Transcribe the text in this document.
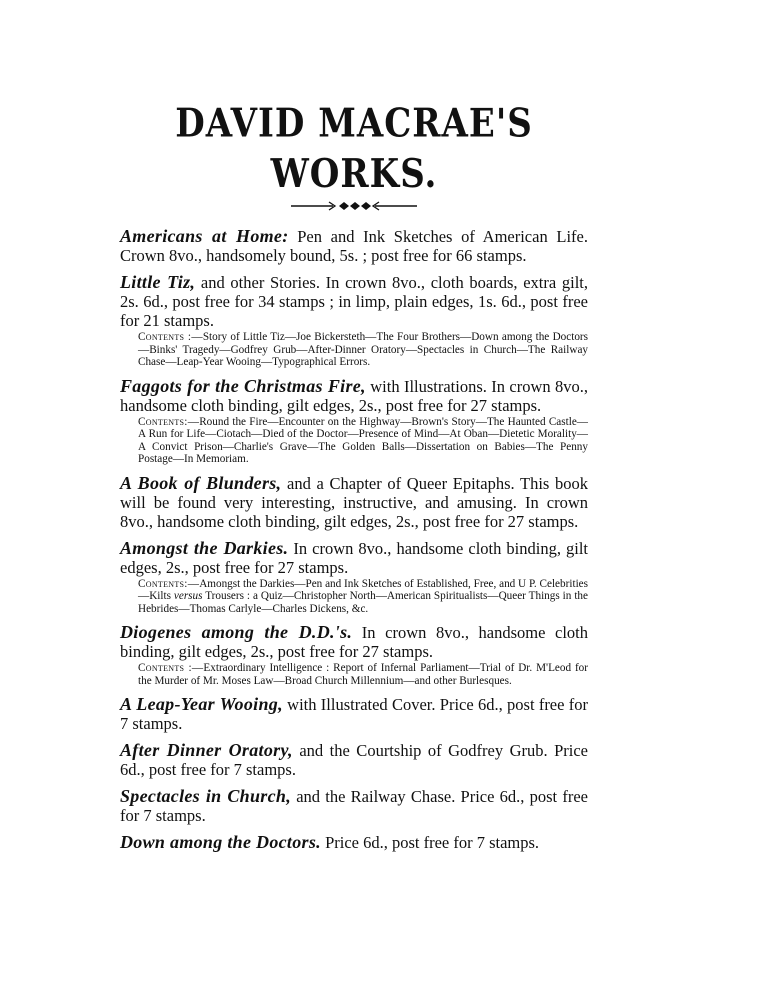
DAVID MACRAE'S WORKS.
Americans at Home: Pen and Ink Sketches of American Life. Crown 8vo., handsomely bound, 5s. ; post free for 66 stamps.
Little Tiz, and other Stories. In crown 8vo., cloth boards, extra gilt, 2s. 6d., post free for 34 stamps ; in limp, plain edges, 1s. 6d., post free for 21 stamps.
Contents :—Story of Little Tiz—Joe Bickersteth—The Four Brothers—Down among the Doctors—Binks' Tragedy—Godfrey Grub—After-Dinner Oratory—Spectacles in Church—The Railway Chase—Leap-Year Wooing—Typographical Errors.
Faggots for the Christmas Fire, with Illustrations. In crown 8vo., handsome cloth binding, gilt edges, 2s., post free for 27 stamps.
Contents:—Round the Fire—Encounter on the Highway—Brown's Story—The Haunted Castle—A Run for Life—Ciotach—Died of the Doctor—Presence of Mind—At Oban—Dietetic Morality—A Convict Prison—Charlie's Grave—The Golden Balls—Dissertation on Babies—The Penny Postage—In Memoriam.
A Book of Blunders, and a Chapter of Queer Epitaphs. This book will be found very interesting, instructive, and amusing. In crown 8vo., handsome cloth binding, gilt edges, 2s., post free for 27 stamps.
Amongst the Darkies. In crown 8vo., handsome cloth binding, gilt edges, 2s., post free for 27 stamps.
Contents:—Amongst the Darkies—Pen and Ink Sketches of Established, Free, and U P. Celebrities—Kilts versus Trousers : a Quiz—Christopher North—American Spiritualists—Queer Things in the Hebrides—Thomas Carlyle—Charles Dickens, &c.
Diogenes among the D.D.'s. In crown 8vo., handsome cloth binding, gilt edges, 2s., post free for 27 stamps.
Contents :—Extraordinary Intelligence : Report of Infernal Parliament—Trial of Dr. M'Leod for the Murder of Mr. Moses Law—Broad Church Millennium—and other Burlesques.
A Leap-Year Wooing, with Illustrated Cover. Price 6d., post free for 7 stamps.
After Dinner Oratory, and the Courtship of Godfrey Grub. Price 6d., post free for 7 stamps.
Spectacles in Church, and the Railway Chase. Price 6d., post free for 7 stamps.
Down among the Doctors. Price 6d., post free for 7 stamps.
